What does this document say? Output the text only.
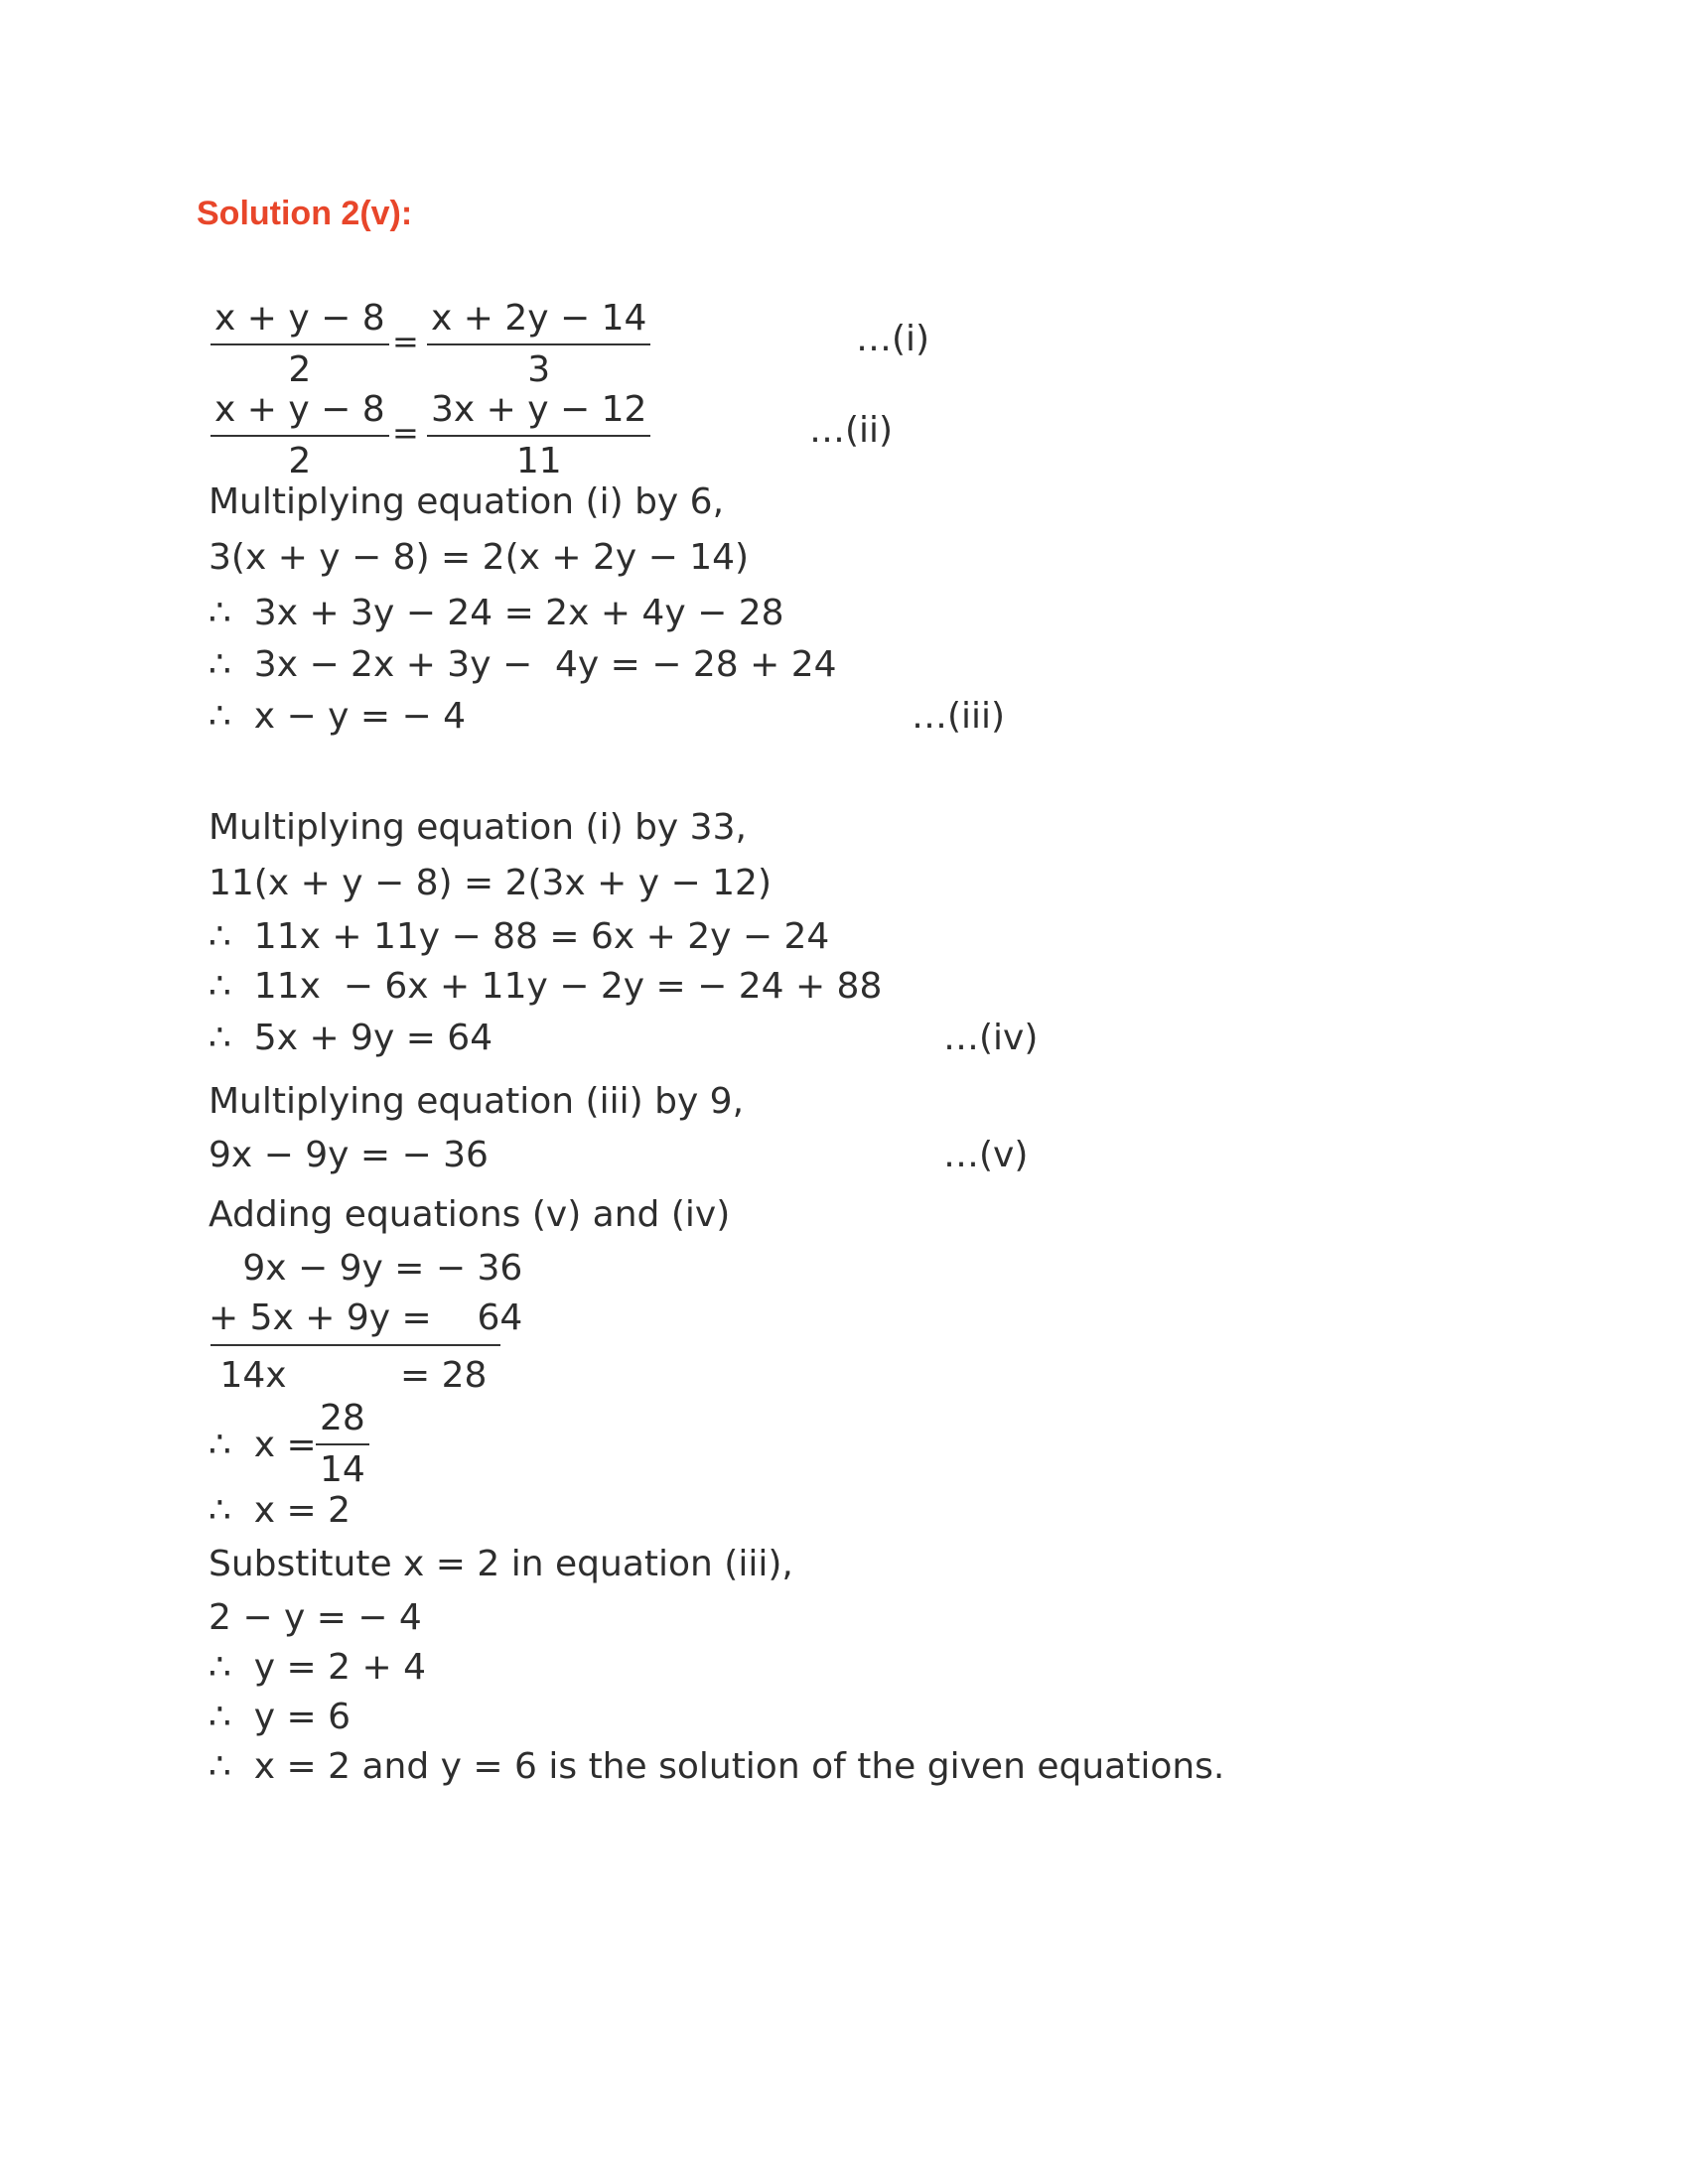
Solution 2(v):
$\frac{x + y - 8}{2} = \frac{x + 2y - 14}{3}$	…(i)
$\frac{x + y - 8}{2} = \frac{3x + y - 12}{11}$	…(ii)
Multiplying equation (i) by 6,
3(x + y − 8) = 2(x + 2y − 14)
∴  3x + 3y − 24 = 2x + 4y − 28
∴  3x − 2x + 3y −  4y = − 28 + 24
∴  x − y = − 4	…(iii)
Multiplying equation (i) by 33,
11(x + y − 8) = 2(3x + y − 12)
∴  11x + 11y − 88 = 6x + 2y − 24
∴  11x  − 6x + 11y − 2y = − 24 + 88
∴  5x + 9y = 64	…(iv)
Multiplying equation (iii) by 9,
9x − 9y = − 36	…(v)
Adding equations (v) and (iv)
9x − 9y = − 36
+ 5x + 9y =    64
14x          = 28
∴  $x = \frac{28}{14}$
∴  x = 2
Substitute x = 2 in equation (iii),
2 − y = − 4
∴  y = 2 + 4
∴  y = 6
∴  x = 2 and y = 6 is the solution of the given equations.
